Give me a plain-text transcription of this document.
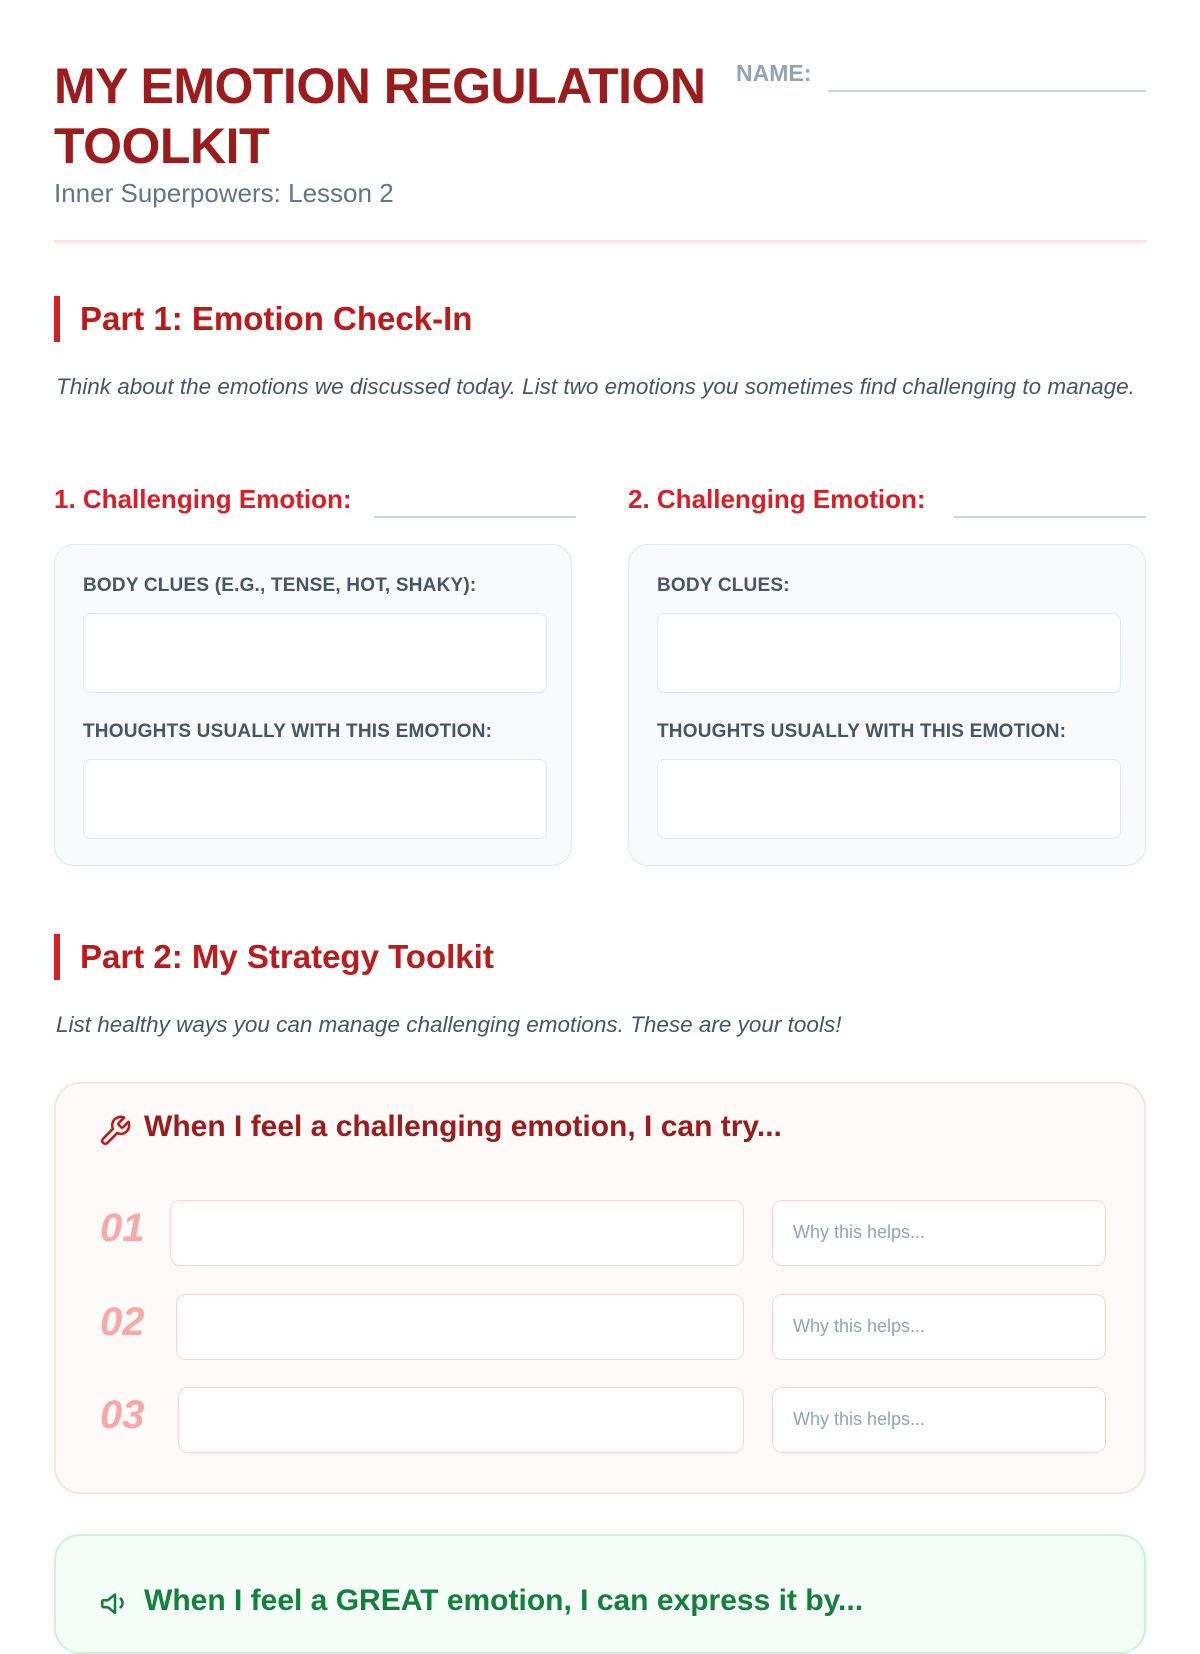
MY EMOTION REGULATION TOOLKIT

Inner Superpowers: Lesson 2

NAME:
Part 1: Emotion Check-In

Think about the emotions we discussed today. List two emotions you sometimes find challenging to manage.

1. Challenging Emotion:
BODY CLUES (E.G., TENSE, HOT, SHAKY):
THOUGHTS USUALLY WITH THIS EMOTION:
2. Challenging Emotion:
BODY CLUES:
THOUGHTS USUALLY WITH THIS EMOTION:
Part 2: My Strategy Toolkit

List healthy ways you can manage challenging emotions. These are your tools!

When I feel a challenging emotion, I can try...
01	Why this helps...
02	Why this helps...
03	Why this helps...
When I feel a GREAT emotion, I can express it by...
